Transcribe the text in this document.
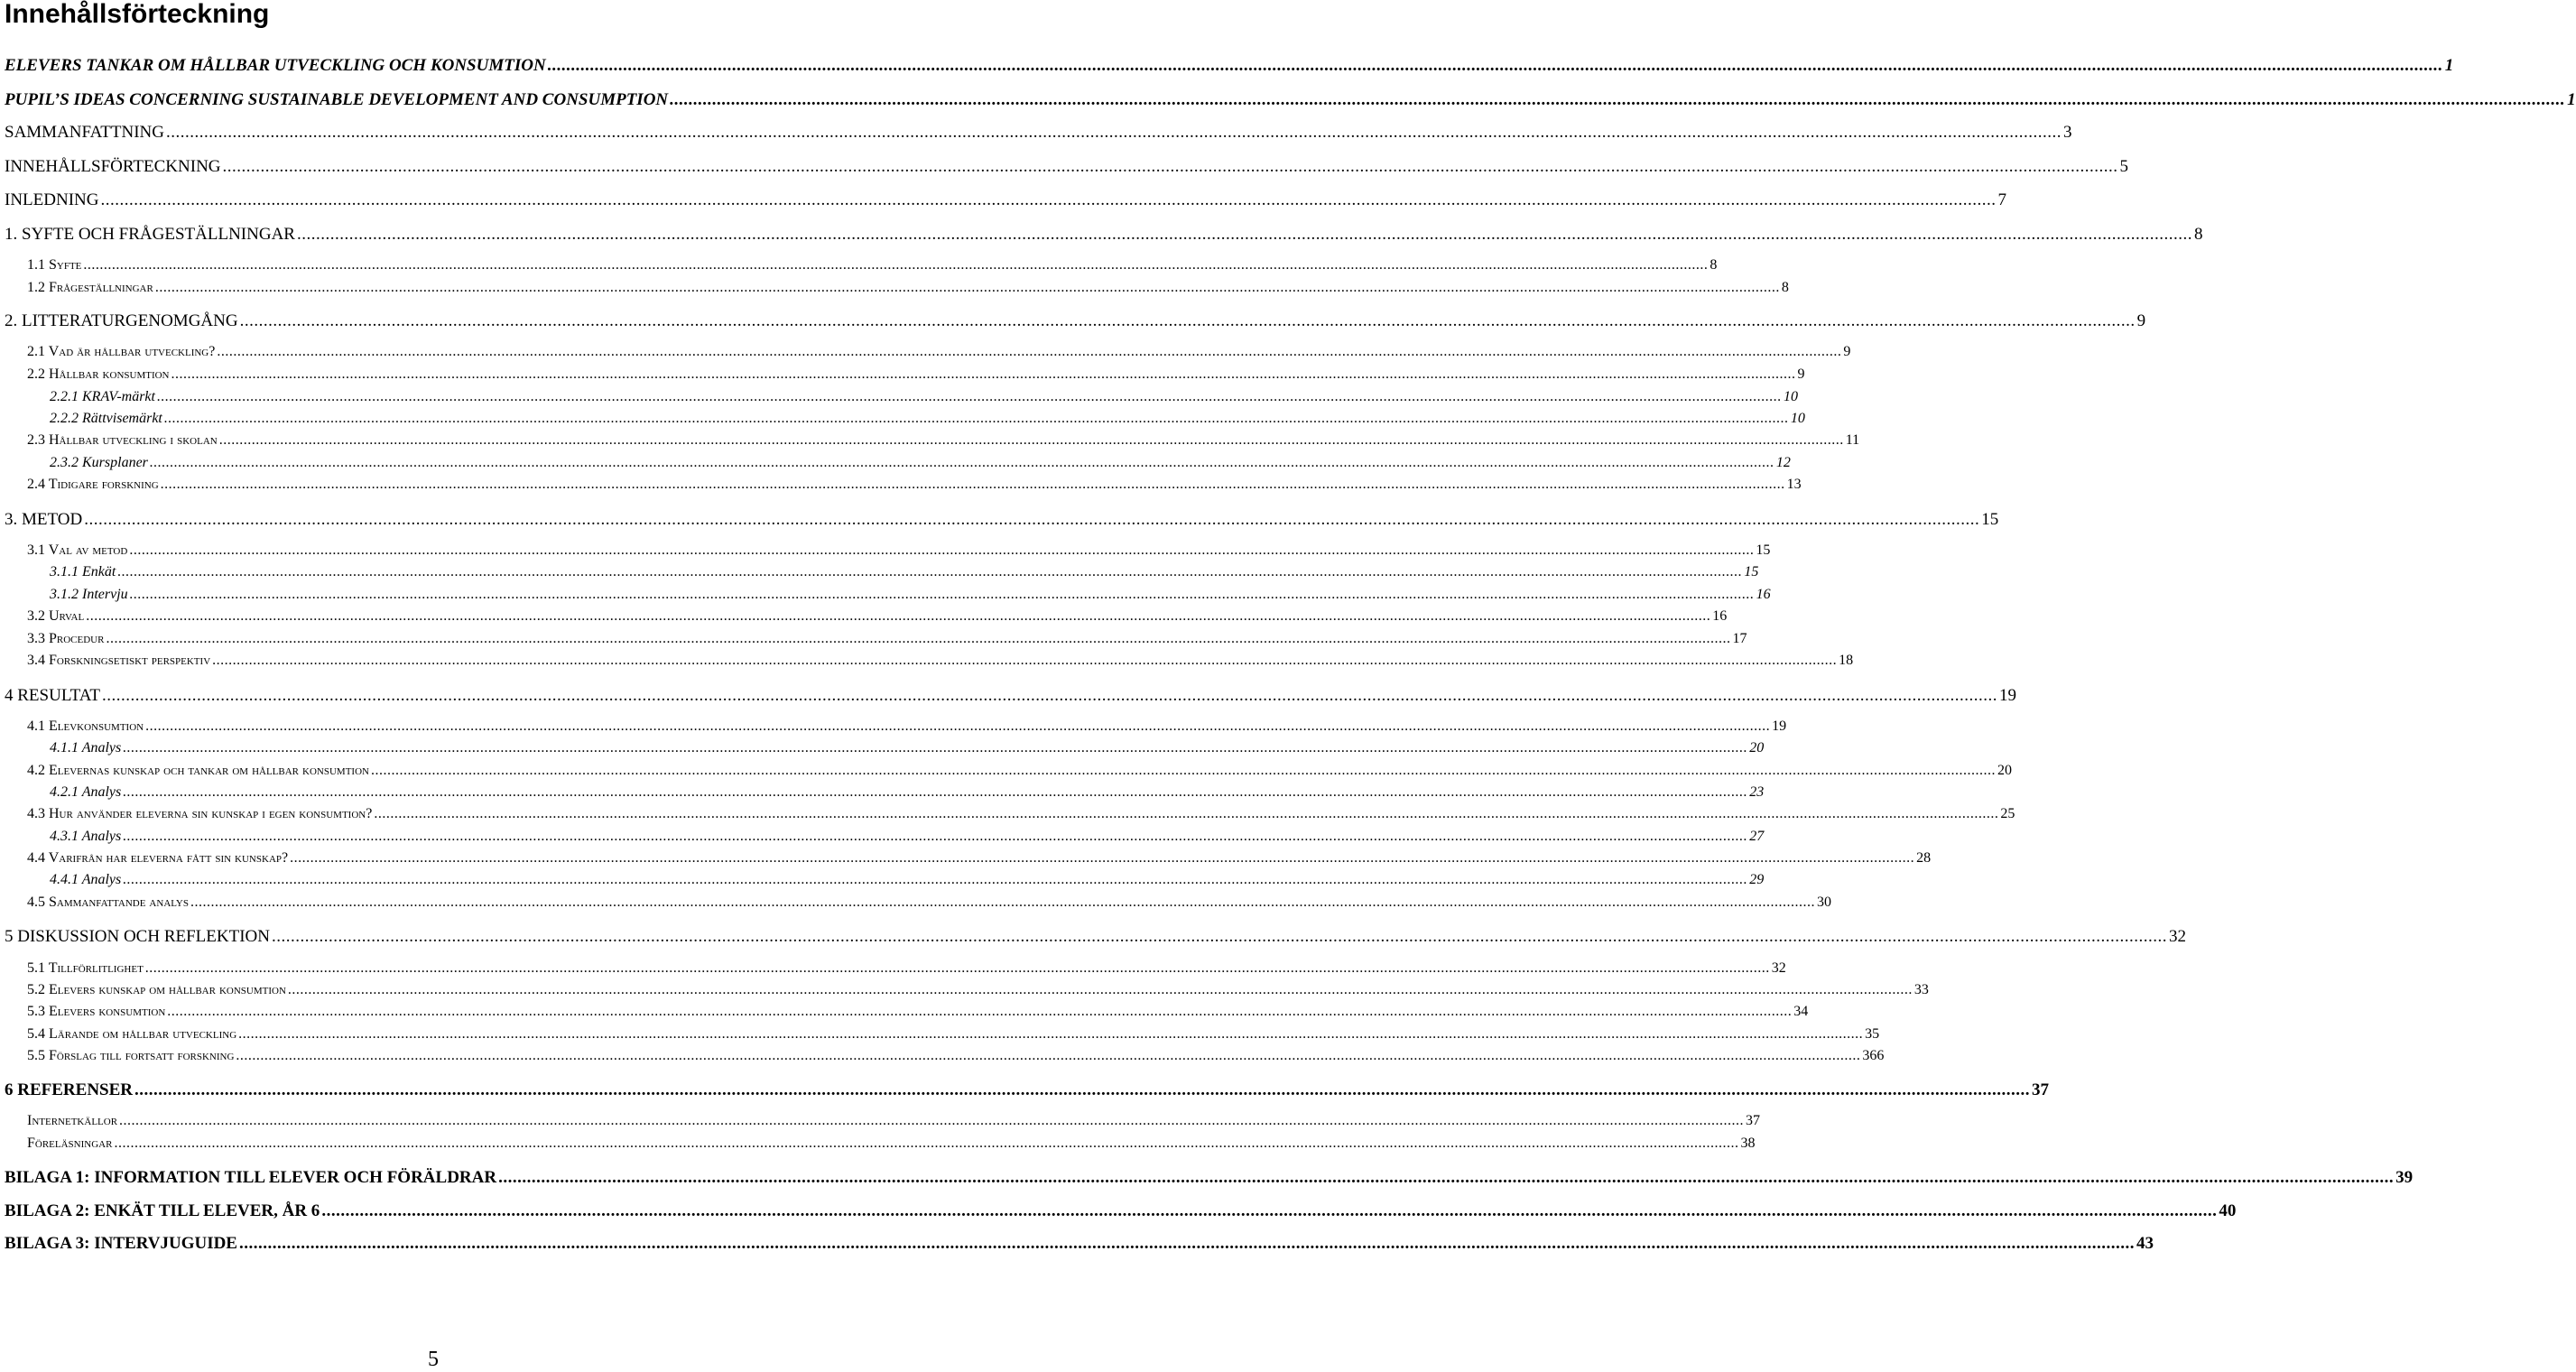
Innehållsförteckning
ELEVERS TANKAR OM HÅLLBAR UTVECKLING OCH KONSUMTION ................................................................................................................................................................................................................................................................................................................................................................................................................ 1
PUPIL’S IDEAS CONCERNING SUSTAINABLE DEVELOPMENT AND CONSUMPTION ................................................................................................................................................................................................................................................................................................................................................................................................................ 1
SAMMANFATTNING ................................................................................................................................................................................................................................................................................................................................................................................................................ 3
INNEHÅLLSFÖRTECKNING ................................................................................................................................................................................................................................................................................................................................................................................................................ 5
INLEDNING ................................................................................................................................................................................................................................................................................................................................................................................................................ 7
1. SYFTE OCH FRÅGESTÄLLNINGAR ................................................................................................................................................................................................................................................................................................................................................................................................................ 8
1.1 Syfte ................................................................................................................................................................................................................................................................................................................................................................................................................ 8
1.2 Frågeställningar ................................................................................................................................................................................................................................................................................................................................................................................................................ 8
2. LITTERATURGENOMGÅNG ................................................................................................................................................................................................................................................................................................................................................................................................................ 9
2.1 Vad är hållbar utveckling? ................................................................................................................................................................................................................................................................................................................................................................................................................ 9
2.2 Hållbar konsumtion ................................................................................................................................................................................................................................................................................................................................................................................................................ 9
2.2.1 KRAV-märkt ................................................................................................................................................................................................................................................................................................................................................................................................................ 10
2.2.2 Rättvisemärkt ................................................................................................................................................................................................................................................................................................................................................................................................................ 10
2.3 Hållbar utveckling i skolan ................................................................................................................................................................................................................................................................................................................................................................................................................ 11
2.3.2 Kursplaner ................................................................................................................................................................................................................................................................................................................................................................................................................ 12
2.4 Tidigare forskning ................................................................................................................................................................................................................................................................................................................................................................................................................ 13
3. METOD ................................................................................................................................................................................................................................................................................................................................................................................................................ 15
3.1 Val av metod ................................................................................................................................................................................................................................................................................................................................................................................................................ 15
3.1.1 Enkät ................................................................................................................................................................................................................................................................................................................................................................................................................ 15
3.1.2 Intervju ................................................................................................................................................................................................................................................................................................................................................................................................................ 16
3.2 Urval ................................................................................................................................................................................................................................................................................................................................................................................................................ 16
3.3 Procedur ................................................................................................................................................................................................................................................................................................................................................................................................................ 17
3.4 Forskningsetiskt perspektiv ................................................................................................................................................................................................................................................................................................................................................................................................................ 18
4 RESULTAT ................................................................................................................................................................................................................................................................................................................................................................................................................ 19
4.1 Elevkonsumtion ................................................................................................................................................................................................................................................................................................................................................................................................................ 19
4.1.1 Analys ................................................................................................................................................................................................................................................................................................................................................................................................................ 20
4.2 Elevernas kunskap och tankar om hållbar konsumtion ................................................................................................................................................................................................................................................................................................................................................................................................................ 20
4.2.1 Analys ................................................................................................................................................................................................................................................................................................................................................................................................................ 23
4.3 Hur använder eleverna sin kunskap i egen konsumtion? ................................................................................................................................................................................................................................................................................................................................................................................................................ 25
4.3.1 Analys ................................................................................................................................................................................................................................................................................................................................................................................................................ 27
4.4 Varifrån har eleverna fått sin kunskap? ................................................................................................................................................................................................................................................................................................................................................................................................................ 28
4.4.1 Analys ................................................................................................................................................................................................................................................................................................................................................................................................................ 29
4.5 Sammanfattande analys ................................................................................................................................................................................................................................................................................................................................................................................................................ 30
5 DISKUSSION OCH REFLEKTION ................................................................................................................................................................................................................................................................................................................................................................................................................ 32
5.1 Tillförlitlighet ................................................................................................................................................................................................................................................................................................................................................................................................................ 32
5.2 Elevers kunskap om hållbar konsumtion ................................................................................................................................................................................................................................................................................................................................................................................................................ 33
5.3 Elevers konsumtion ................................................................................................................................................................................................................................................................................................................................................................................................................ 34
5.4 Lärande om hållbar utveckling ................................................................................................................................................................................................................................................................................................................................................................................................................ 35
5.5 Förslag till fortsatt forskning ................................................................................................................................................................................................................................................................................................................................................................................................................ 366
6 REFERENSER ................................................................................................................................................................................................................................................................................................................................................................................................................ 37
Internetkällor ................................................................................................................................................................................................................................................................................................................................................................................................................ 37
Föreläsningar ................................................................................................................................................................................................................................................................................................................................................................................................................ 38
BILAGA 1: INFORMATION TILL ELEVER OCH FÖRÄLDRAR ................................................................................................................................................................................................................................................................................................................................................................................................................ 39
BILAGA 2: ENKÄT TILL ELEVER, ÅR 6 ................................................................................................................................................................................................................................................................................................................................................................................................................ 40
BILAGA 3: INTERVJUGUIDE ................................................................................................................................................................................................................................................................................................................................................................................................................ 43
5
